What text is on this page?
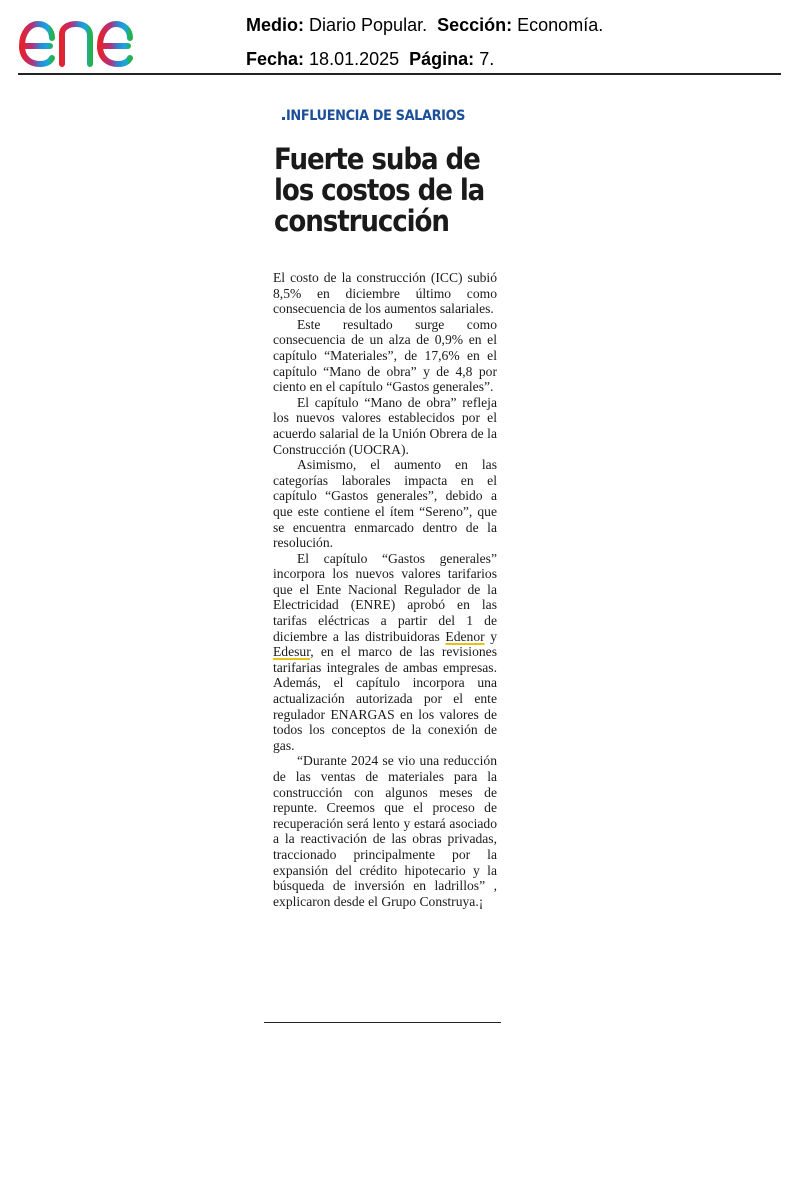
Medio: Diario Popular. Sección: Economía.
Fecha: 18.01.2025 Página: 7.
INFLUENCIA DE SALARIOS
Fuerte suba de los costos de la construcción

El costo de la construcción (ICC) subió 8,5% en diciembre último como consecuencia de los aumentos salariales.

Este resultado surge como consecuencia de un alza de 0,9% en el capítulo “Materiales”, de 17,6% en el capítulo “Mano de obra” y de 4,8 por ciento en el capítulo “Gastos generales”.

El capítulo “Mano de obra” refleja los nuevos valores establecidos por el acuerdo salarial de la Unión Obrera de la Construcción (UOCRA).

Asimismo, el aumento en las categorías laborales impacta en el capítulo “Gastos generales”, debido a que este contiene el ítem “Sereno”, que se encuentra enmarcado dentro de la resolución.

El capítulo “Gastos generales” incorpora los nuevos valores tarifarios que el Ente Nacional Regulador de la Electricidad (ENRE) aprobó en las tarifas eléctricas a partir del 1 de diciembre a las distribuidoras Edenor y Edesur, en el marco de las revisiones tarifarias integrales de ambas empresas. Además, el capítulo incorpora una actualización autorizada por el ente regulador ENARGAS en los valores de todos los conceptos de la conexión de gas.

“Durante 2024 se vio una reducción de las ventas de materiales para la construcción con algunos meses de repunte. Creemos que el proceso de recuperación será lento y estará asociado a la reactivación de las obras privadas, traccionado principalmente por la expansión del crédito hipotecario y la búsqueda de inversión en ladrillos” , explicaron desde el Grupo Construya.¡
